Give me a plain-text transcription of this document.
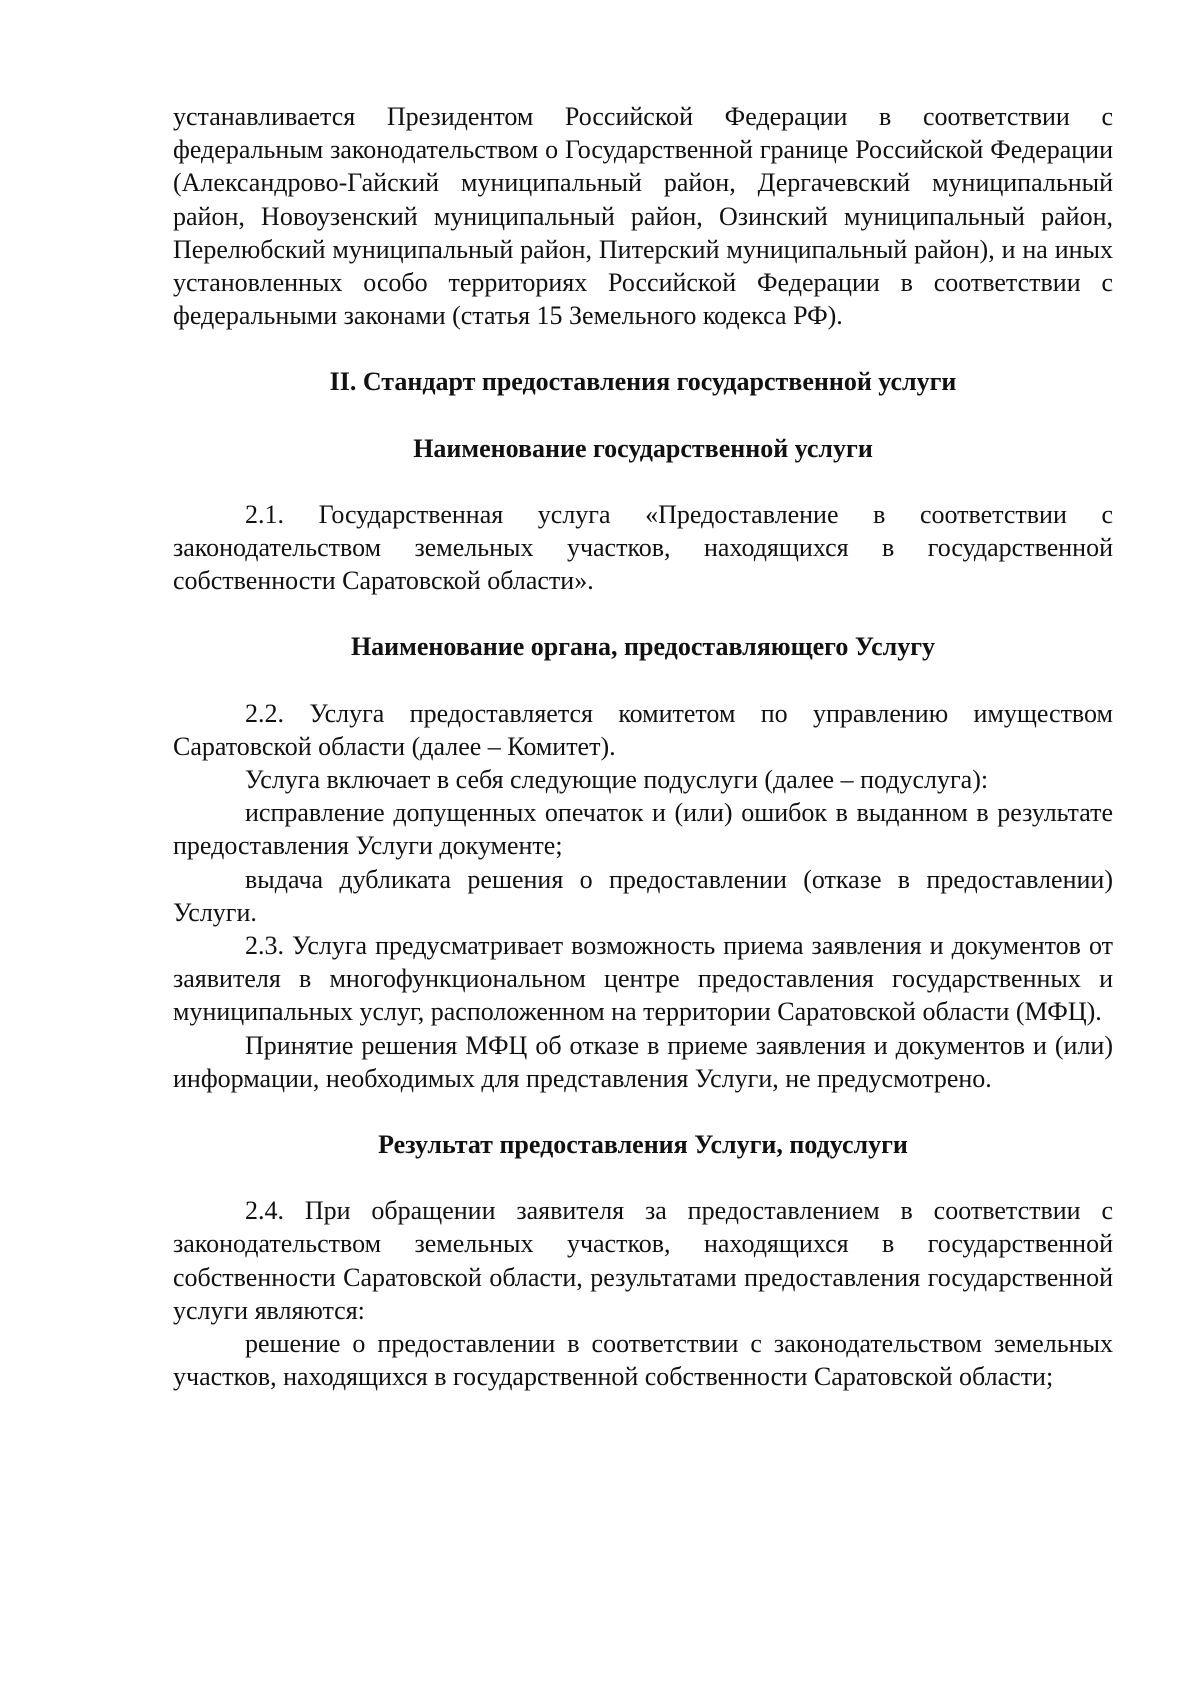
устанавливается Президентом Российской Федерации в соответствии с федеральным законодательством о Государственной границе Российской Федерации (Александрово-Гайский муниципальный район, Дергачевский муниципальный район, Новоузенский муниципальный район, Озинский муниципальный район, Перелюбский муниципальный район, Питерский муниципальный район), и на иных установленных особо территориях Российской Федерации в соответствии с федеральными законами (статья 15 Земельного кодекса РФ).

II. Стандарт предоставления государственной услуги

Наименование государственной услуги

2.1. Государственная услуга «Предоставление в соответствии с законодательством земельных участков, находящихся в государственной собственности Саратовской области».

Наименование органа, предоставляющего Услугу

2.2. Услуга предоставляется комитетом по управлению имуществом Саратовской области (далее – Комитет).

Услуга включает в себя следующие подуслуги (далее – подуслуга):

исправление допущенных опечаток и (или) ошибок в выданном в результате предоставления Услуги документе;

выдача дубликата решения о предоставлении (отказе в предоставлении) Услуги.

2.3. Услуга предусматривает возможность приема заявления и документов от заявителя в многофункциональном центре предоставления государственных и муниципальных услуг, расположенном на территории Саратовской области (МФЦ).

Принятие решения МФЦ об отказе в приеме заявления и документов и (или) информации, необходимых для представления Услуги, не предусмотрено.

Результат предоставления Услуги, подуслуги

2.4. При обращении заявителя за предоставлением в соответствии с законодательством земельных участков, находящихся в государственной собственности Саратовской области, результатами предоставления государственной услуги являются:

решение о предоставлении в соответствии с законодательством земельных участков, находящихся в государственной собственности Саратовской области;
